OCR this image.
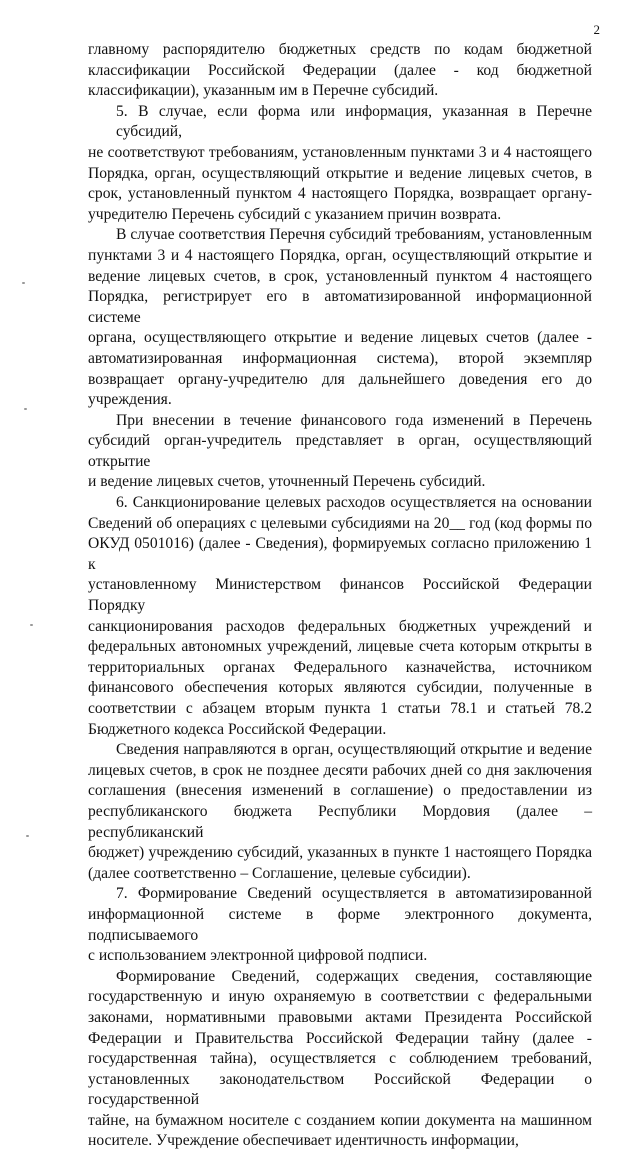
2

главному распорядителю бюджетных средств по кодам бюджетной
классификации Российской Федерации (далее - код бюджетной
классификации), указанным им в Перечне субсидий.

5. В случае, если форма или информация, указанная в Перечне субсидий,
не соответствуют требованиям, установленным пунктами 3 и 4 настоящего
Порядка, орган, осуществляющий открытие и ведение лицевых счетов, в
срок, установленный пунктом 4 настоящего Порядка, возвращает органу-
учредителю Перечень субсидий с указанием причин возврата.

В случае соответствия Перечня субсидий требованиям, установленным
пунктами 3 и 4 настоящего Порядка, орган, осуществляющий открытие и
ведение лицевых счетов, в срок, установленный пунктом 4 настоящего
Порядка, регистрирует его в автоматизированной информационной системе
органа, осуществляющего открытие и ведение лицевых счетов (далее -
автоматизированная информационная система), второй экземпляр
возвращает органу-учредителю для дальнейшего доведения его до
учреждения.

При внесении в течение финансового года изменений в Перечень
субсидий орган-учредитель представляет в орган, осуществляющий открытие
и ведение лицевых счетов, уточненный Перечень субсидий.

6. Санкционирование целевых расходов осуществляется на основании
Сведений об операциях с целевыми субсидиями на 20__ год (код формы по
ОКУД 0501016) (далее - Сведения), формируемых согласно приложению 1 к
установленному Министерством финансов Российской Федерации Порядку
санкционирования расходов федеральных бюджетных учреждений и
федеральных автономных учреждений, лицевые счета которым открыты в
территориальных органах Федерального казначейства, источником
финансового обеспечения которых являются субсидии, полученные в
соответствии с абзацем вторым пункта 1 статьи 78.1 и статьей 78.2
Бюджетного кодекса Российской Федерации.

Сведения направляются в орган, осуществляющий открытие и ведение
лицевых счетов, в срок не позднее десяти рабочих дней со дня заключения
соглашения (внесения изменений в соглашение) о предоставлении из
республиканского бюджета Республики Мордовия (далее – республиканский
бюджет) учреждению субсидий, указанных в пункте 1 настоящего Порядка
(далее соответственно – Соглашение, целевые субсидии).

7. Формирование Сведений осуществляется в автоматизированной
информационной системе в форме электронного документа, подписываемого
с использованием электронной цифровой подписи.

Формирование Сведений, содержащих сведения, составляющие
государственную и иную охраняемую в соответствии с федеральными
законами, нормативными правовыми актами Президента Российской
Федерации и Правительства Российской Федерации тайну (далее -
государственная тайна), осуществляется с соблюдением требований,
установленных законодательством Российской Федерации о государственной
тайне, на бумажном носителе с созданием копии документа на машинном
носителе. Учреждение обеспечивает идентичность информации,
